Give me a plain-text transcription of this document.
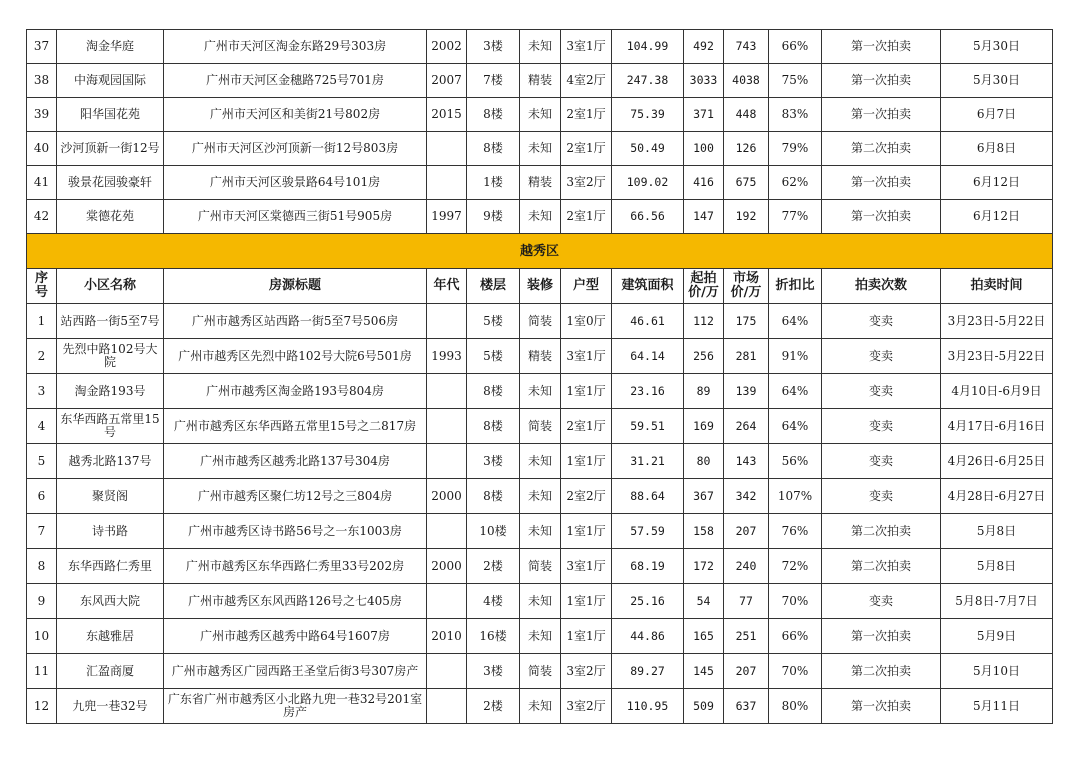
37	淘金华庭	广州市天河区淘金东路29号303房	2002	3楼	未知	3室1厅	104.99	492	743	66%	第一次拍卖	5月30日
38	中海观园国际	广州市天河区金穗路725号701房	2007	7楼	精装	4室2厅	247.38	3033	4038	75%	第一次拍卖	5月30日
39	阳华国花苑	广州市天河区和美街21号802房	2015	8楼	未知	2室1厅	75.39	371	448	83%	第一次拍卖	6月7日
40	沙河顶新一街12号	广州市天河区沙河顶新一街12号803房		8楼	未知	2室1厅	50.49	100	126	79%	第二次拍卖	6月8日
41	骏景花园骏豪轩	广州市天河区骏景路64号101房		1楼	精装	3室2厅	109.02	416	675	62%	第一次拍卖	6月12日
42	棠德花苑	广州市天河区棠德西三街51号905房	1997	9楼	未知	2室1厅	66.56	147	192	77%	第一次拍卖	6月12日
越秀区												
序号	小区名称	房源标题	年代	楼层	装修	户型	建筑面积	起拍价/万	市场价/万	折扣比	拍卖次数	拍卖时间
1	站西路一街5至7号	广州市越秀区站西路一街5至7号506房		5楼	简装	1室0厅	46.61	112	175	64%	变卖	3月23日-5月22日
2	先烈中路102号大院	广州市越秀区先烈中路102号大院6号501房	1993	5楼	精装	3室1厅	64.14	256	281	91%	变卖	3月23日-5月22日
3	淘金路193号	广州市越秀区淘金路193号804房		8楼	未知	1室1厅	23.16	89	139	64%	变卖	4月10日-6月9日
4	东华西路五常里15号	广州市越秀区东华西路五常里15号之二817房		8楼	简装	2室1厅	59.51	169	264	64%	变卖	4月17日-6月16日
5	越秀北路137号	广州市越秀区越秀北路137号304房		3楼	未知	1室1厅	31.21	80	143	56%	变卖	4月26日-6月25日
6	聚贤阁	广州市越秀区聚仁坊12号之三804房	2000	8楼	未知	2室2厅	88.64	367	342	107%	变卖	4月28日-6月27日
7	诗书路	广州市越秀区诗书路56号之一东1003房		10楼	未知	1室1厅	57.59	158	207	76%	第二次拍卖	5月8日
8	东华西路仁秀里	广州市越秀区东华西路仁秀里33号202房	2000	2楼	简装	3室1厅	68.19	172	240	72%	第二次拍卖	5月8日
9	东风西大院	广州市越秀区东风西路126号之七405房		4楼	未知	1室1厅	25.16	54	77	70%	变卖	5月8日-7月7日
10	东越雅居	广州市越秀区越秀中路64号1607房	2010	16楼	未知	1室1厅	44.86	165	251	66%	第一次拍卖	5月9日
11	汇盈商厦	广州市越秀区广园西路王圣堂后街3号307房产		3楼	简装	3室2厅	89.27	145	207	70%	第二次拍卖	5月10日
12	九兜一巷32号	广东省广州市越秀区小北路九兜一巷32号201室房产		2楼	未知	3室2厅	110.95	509	637	80%	第一次拍卖	5月11日
